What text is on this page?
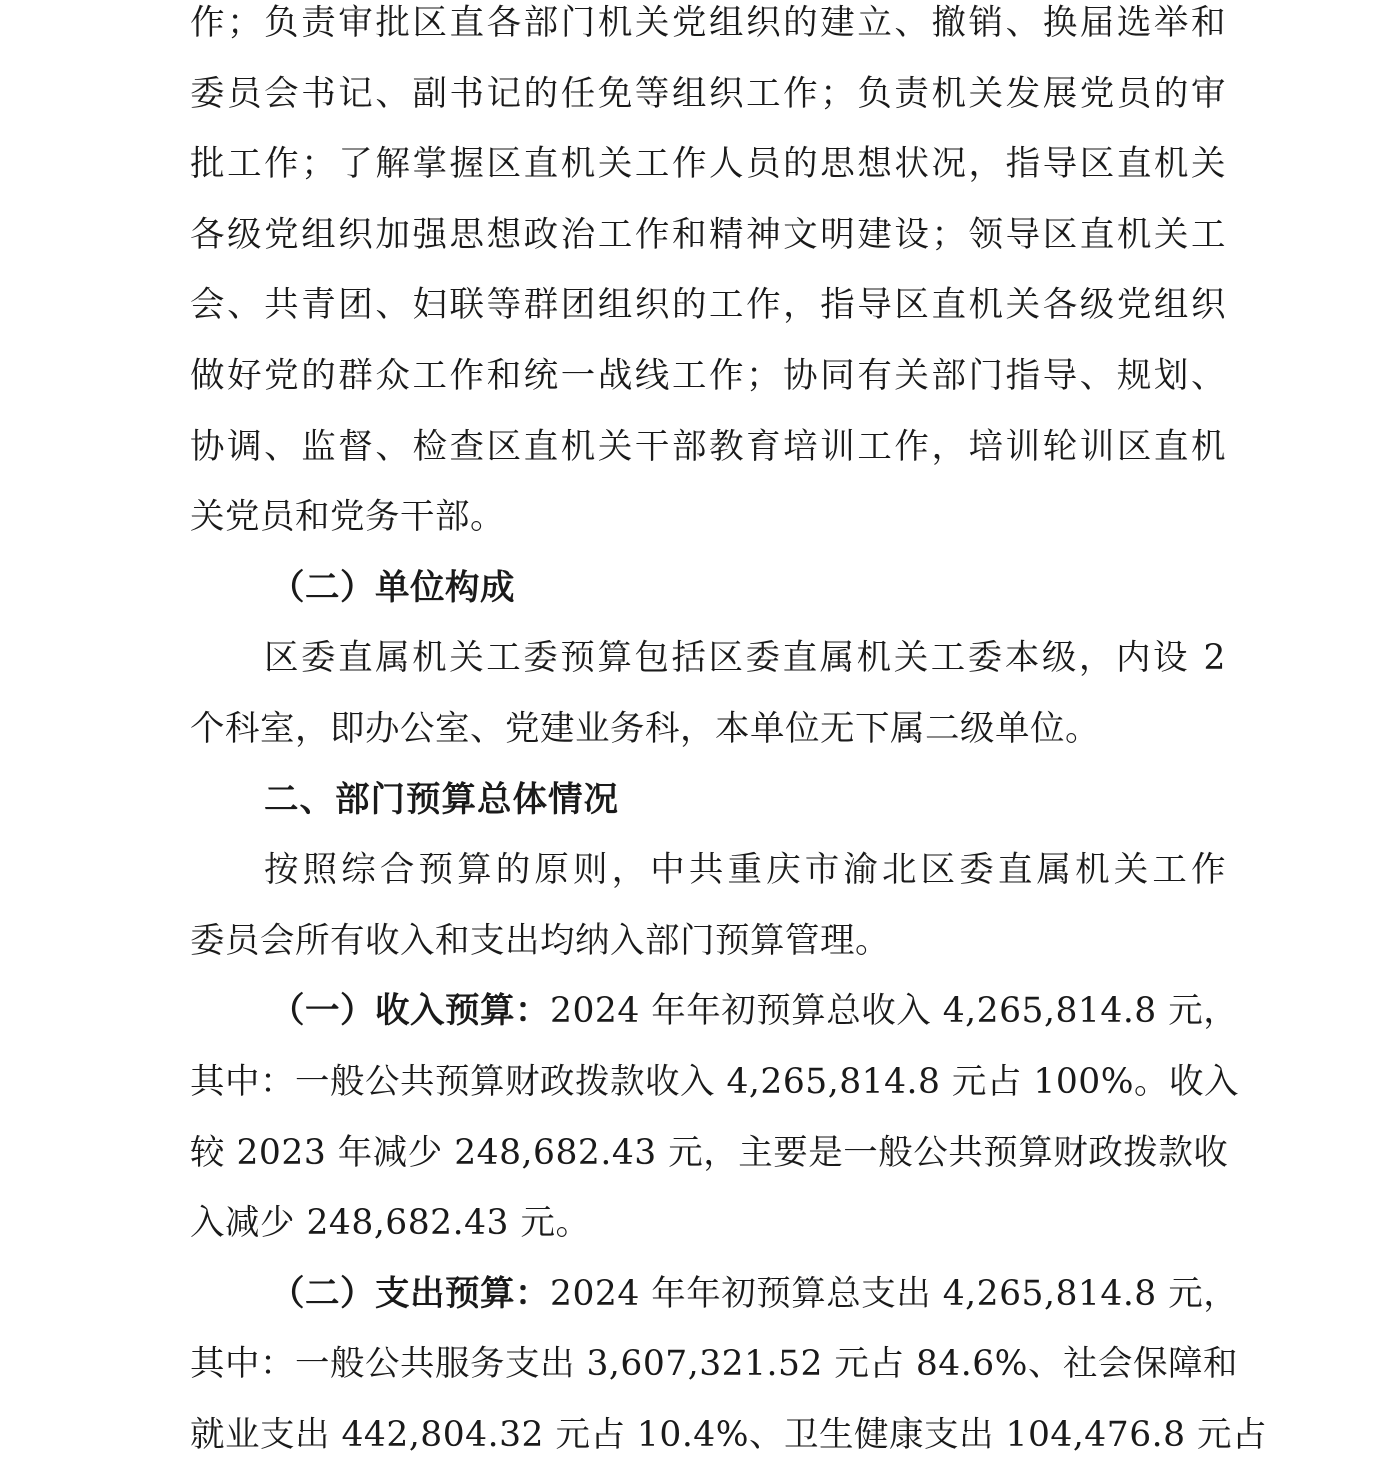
作；负责审批区直各部门机关党组织的建立、撤销、换届选举和
委员会书记、副书记的任免等组织工作；负责机关发展党员的审
批工作；了解掌握区直机关工作人员的思想状况，指导区直机关
各级党组织加强思想政治工作和精神文明建设；领导区直机关工
会、共青团、妇联等群团组织的工作，指导区直机关各级党组织
做好党的群众工作和统一战线工作；协同有关部门指导、规划、
协调、监督、检查区直机关干部教育培训工作，培训轮训区直机
关党员和党务干部。
（二）单位构成
区委直属机关工委预算包括区委直属机关工委本级，内设 2
个科室，即办公室、党建业务科，本单位无下属二级单位。
二、部门预算总体情况
按照综合预算的原则，中共重庆市渝北区委直属机关工作
委员会所有收入和支出均纳入部门预算管理。
（一）收入预算：2024 年年初预算总收入 4,265,814.8 元，
其中：一般公共预算财政拨款收入 4,265,814.8 元占 100%。收入
较 2023 年减少 248,682.43 元，主要是一般公共预算财政拨款收
入减少 248,682.43 元。
（二）支出预算：2024 年年初预算总支出 4,265,814.8 元，
其中：一般公共服务支出 3,607,321.52 元占 84.6%、社会保障和
就业支出 442,804.32 元占 10.4%、卫生健康支出 104,476.8 元占
